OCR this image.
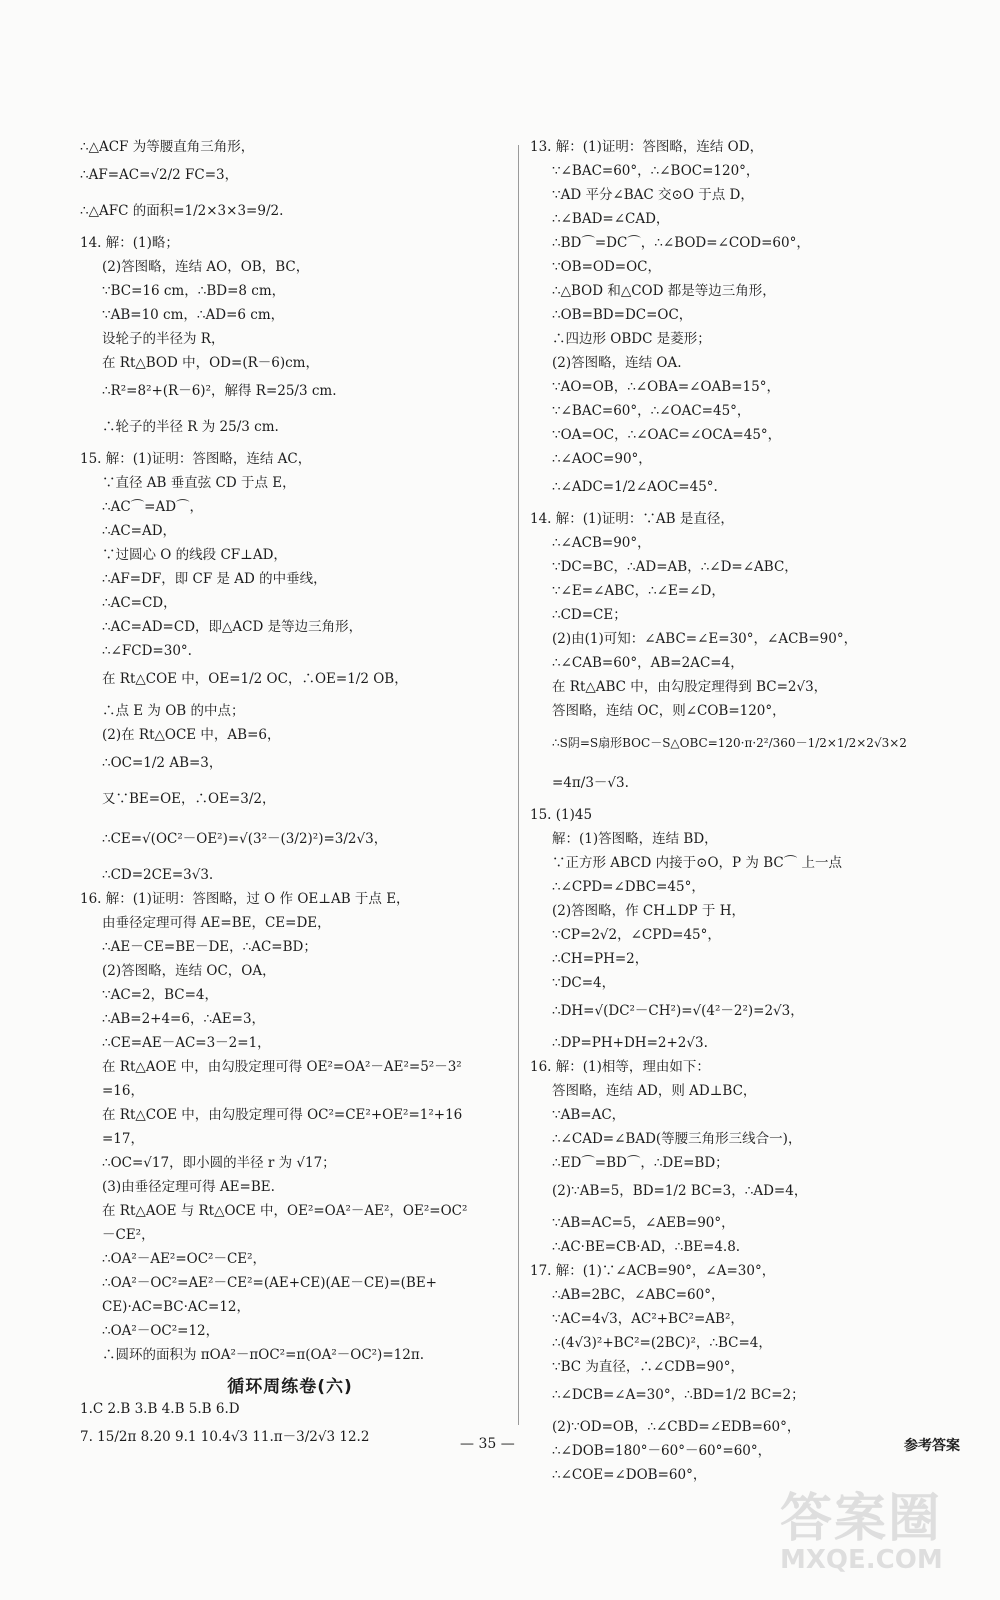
∴△ACF 为等腰直角三角形，
∴AF=AC=√2/2 FC=3，
∴△AFC 的面积=1/2×3×3=9/2.
14. 解：(1)略；
(2)答图略，连结 AO，OB，BC，
∵BC=16 cm，∴BD=8 cm，
∵AB=10 cm，∴AD=6 cm，
设轮子的半径为 R，
在 Rt△BOD 中，OD=(R－6)cm，
∴R²=8²+(R－6)²，解得 R=25/3 cm.
∴轮子的半径 R 为 25/3 cm.
15. 解：(1)证明：答图略，连结 AC，
∵直径 AB 垂直弦 CD 于点 E，
∴AC⌒=AD⌒，
∴AC=AD，
∵过圆心 O 的线段 CF⊥AD，
∴AF=DF，即 CF 是 AD 的中垂线，
∴AC=CD，
∴AC=AD=CD，即△ACD 是等边三角形，
∴∠FCD=30°.
在 Rt△COE 中，OE=1/2 OC，∴OE=1/2 OB，
∴点 E 为 OB 的中点；
(2)在 Rt△OCE 中，AB=6，
∴OC=1/2 AB=3，
又∵BE=OE，∴OE=3/2，
∴CE=√(OC²－OE²)=√(3²－(3/2)²)=3/2√3，
∴CD=2CE=3√3.
16. 解：(1)证明：答图略，过 O 作 OE⊥AB 于点 E，
由垂径定理可得 AE=BE，CE=DE，
∴AE－CE=BE－DE，∴AC=BD；
(2)答图略，连结 OC，OA，
∵AC=2，BC=4，
∴AB=2+4=6，∴AE=3，
∴CE=AE－AC=3－2=1，
在 Rt△AOE 中，由勾股定理可得 OE²=OA²－AE²=5²－3²
=16，
在 Rt△COE 中，由勾股定理可得 OC²=CE²+OE²=1²+16
=17，
∴OC=√17，即小圆的半径 r 为 √17；
(3)由垂径定理可得 AE=BE.
在 Rt△AOE 与 Rt△OCE 中，OE²=OA²－AE²，OE²=OC²
－CE²，
∴OA²－AE²=OC²－CE²，
∴OA²－OC²=AE²－CE²=(AE+CE)(AE－CE)=(BE+
CE)·AC=BC·AC=12，
∴OA²－OC²=12，
∴圆环的面积为 πOA²－πOC²=π(OA²－OC²)=12π.
循环周练卷(六)
1.C 2.B 3.B 4.B 5.B 6.D
7. 15/2π 8.20 9.1 10.4√3 11.π－3/2√3 12.2
13. 解：(1)证明：答图略，连结 OD，
∵∠BAC=60°，∴∠BOC=120°，
∵AD 平分∠BAC 交⊙O 于点 D，
∴∠BAD=∠CAD，
∴BD⌒=DC⌒，∴∠BOD=∠COD=60°，
∵OB=OD=OC，
∴△BOD 和△COD 都是等边三角形，
∴OB=BD=DC=OC，
∴四边形 OBDC 是菱形；
(2)答图略，连结 OA.
∵AO=OB，∴∠OBA=∠OAB=15°，
∵∠BAC=60°，∴∠OAC=45°，
∵OA=OC，∴∠OAC=∠OCA=45°，
∴∠AOC=90°，
∴∠ADC=1/2∠AOC=45°.
14. 解：(1)证明：∵AB 是直径，
∴∠ACB=90°，
∵DC=BC，∴AD=AB，∴∠D=∠ABC，
∵∠E=∠ABC，∴∠E=∠D，
∴CD=CE；
(2)由(1)可知：∠ABC=∠E=30°，∠ACB=90°，
∴∠CAB=60°，AB=2AC=4，
在 Rt△ABC 中，由勾股定理得到 BC=2√3，
答图略，连结 OC，则∠COB=120°，
∴S阴=S扇形BOC－S△OBC=120·π·2²/360－1/2×1/2×2√3×2
=4π/3－√3.
15. (1)45
解：(1)答图略，连结 BD，
∵正方形 ABCD 内接于⊙O，P 为 BC⌒ 上一点
∴∠CPD=∠DBC=45°，
(2)答图略，作 CH⊥DP 于 H，
∵CP=2√2，∠CPD=45°，
∴CH=PH=2，
∵DC=4，
∴DH=√(DC²－CH²)=√(4²－2²)=2√3，
∴DP=PH+DH=2+2√3.
16. 解：(1)相等，理由如下：
答图略，连结 AD，则 AD⊥BC，
∵AB=AC，
∴∠CAD=∠BAD(等腰三角形三线合一)，
∴ED⌒=BD⌒，∴DE=BD；
(2)∵AB=5，BD=1/2 BC=3，∴AD=4，
∵AB=AC=5，∠AEB=90°，
∴AC·BE=CB·AD，∴BE=4.8.
17. 解：(1)∵∠ACB=90°，∠A=30°，
∴AB=2BC，∠ABC=60°，
∵AC=4√3，AC²+BC²=AB²，
∴(4√3)²+BC²=(2BC)²，∴BC=4，
∵BC 为直径，∴∠CDB=90°，
∴∠DCB=∠A=30°，∴BD=1/2 BC=2；
(2)∵OD=OB，∴∠CBD=∠EDB=60°，
∴∠DOB=180°－60°－60°=60°，
∴∠COE=∠DOB=60°，
— 35 —	参考答案
答案圈
MXQE.COM
